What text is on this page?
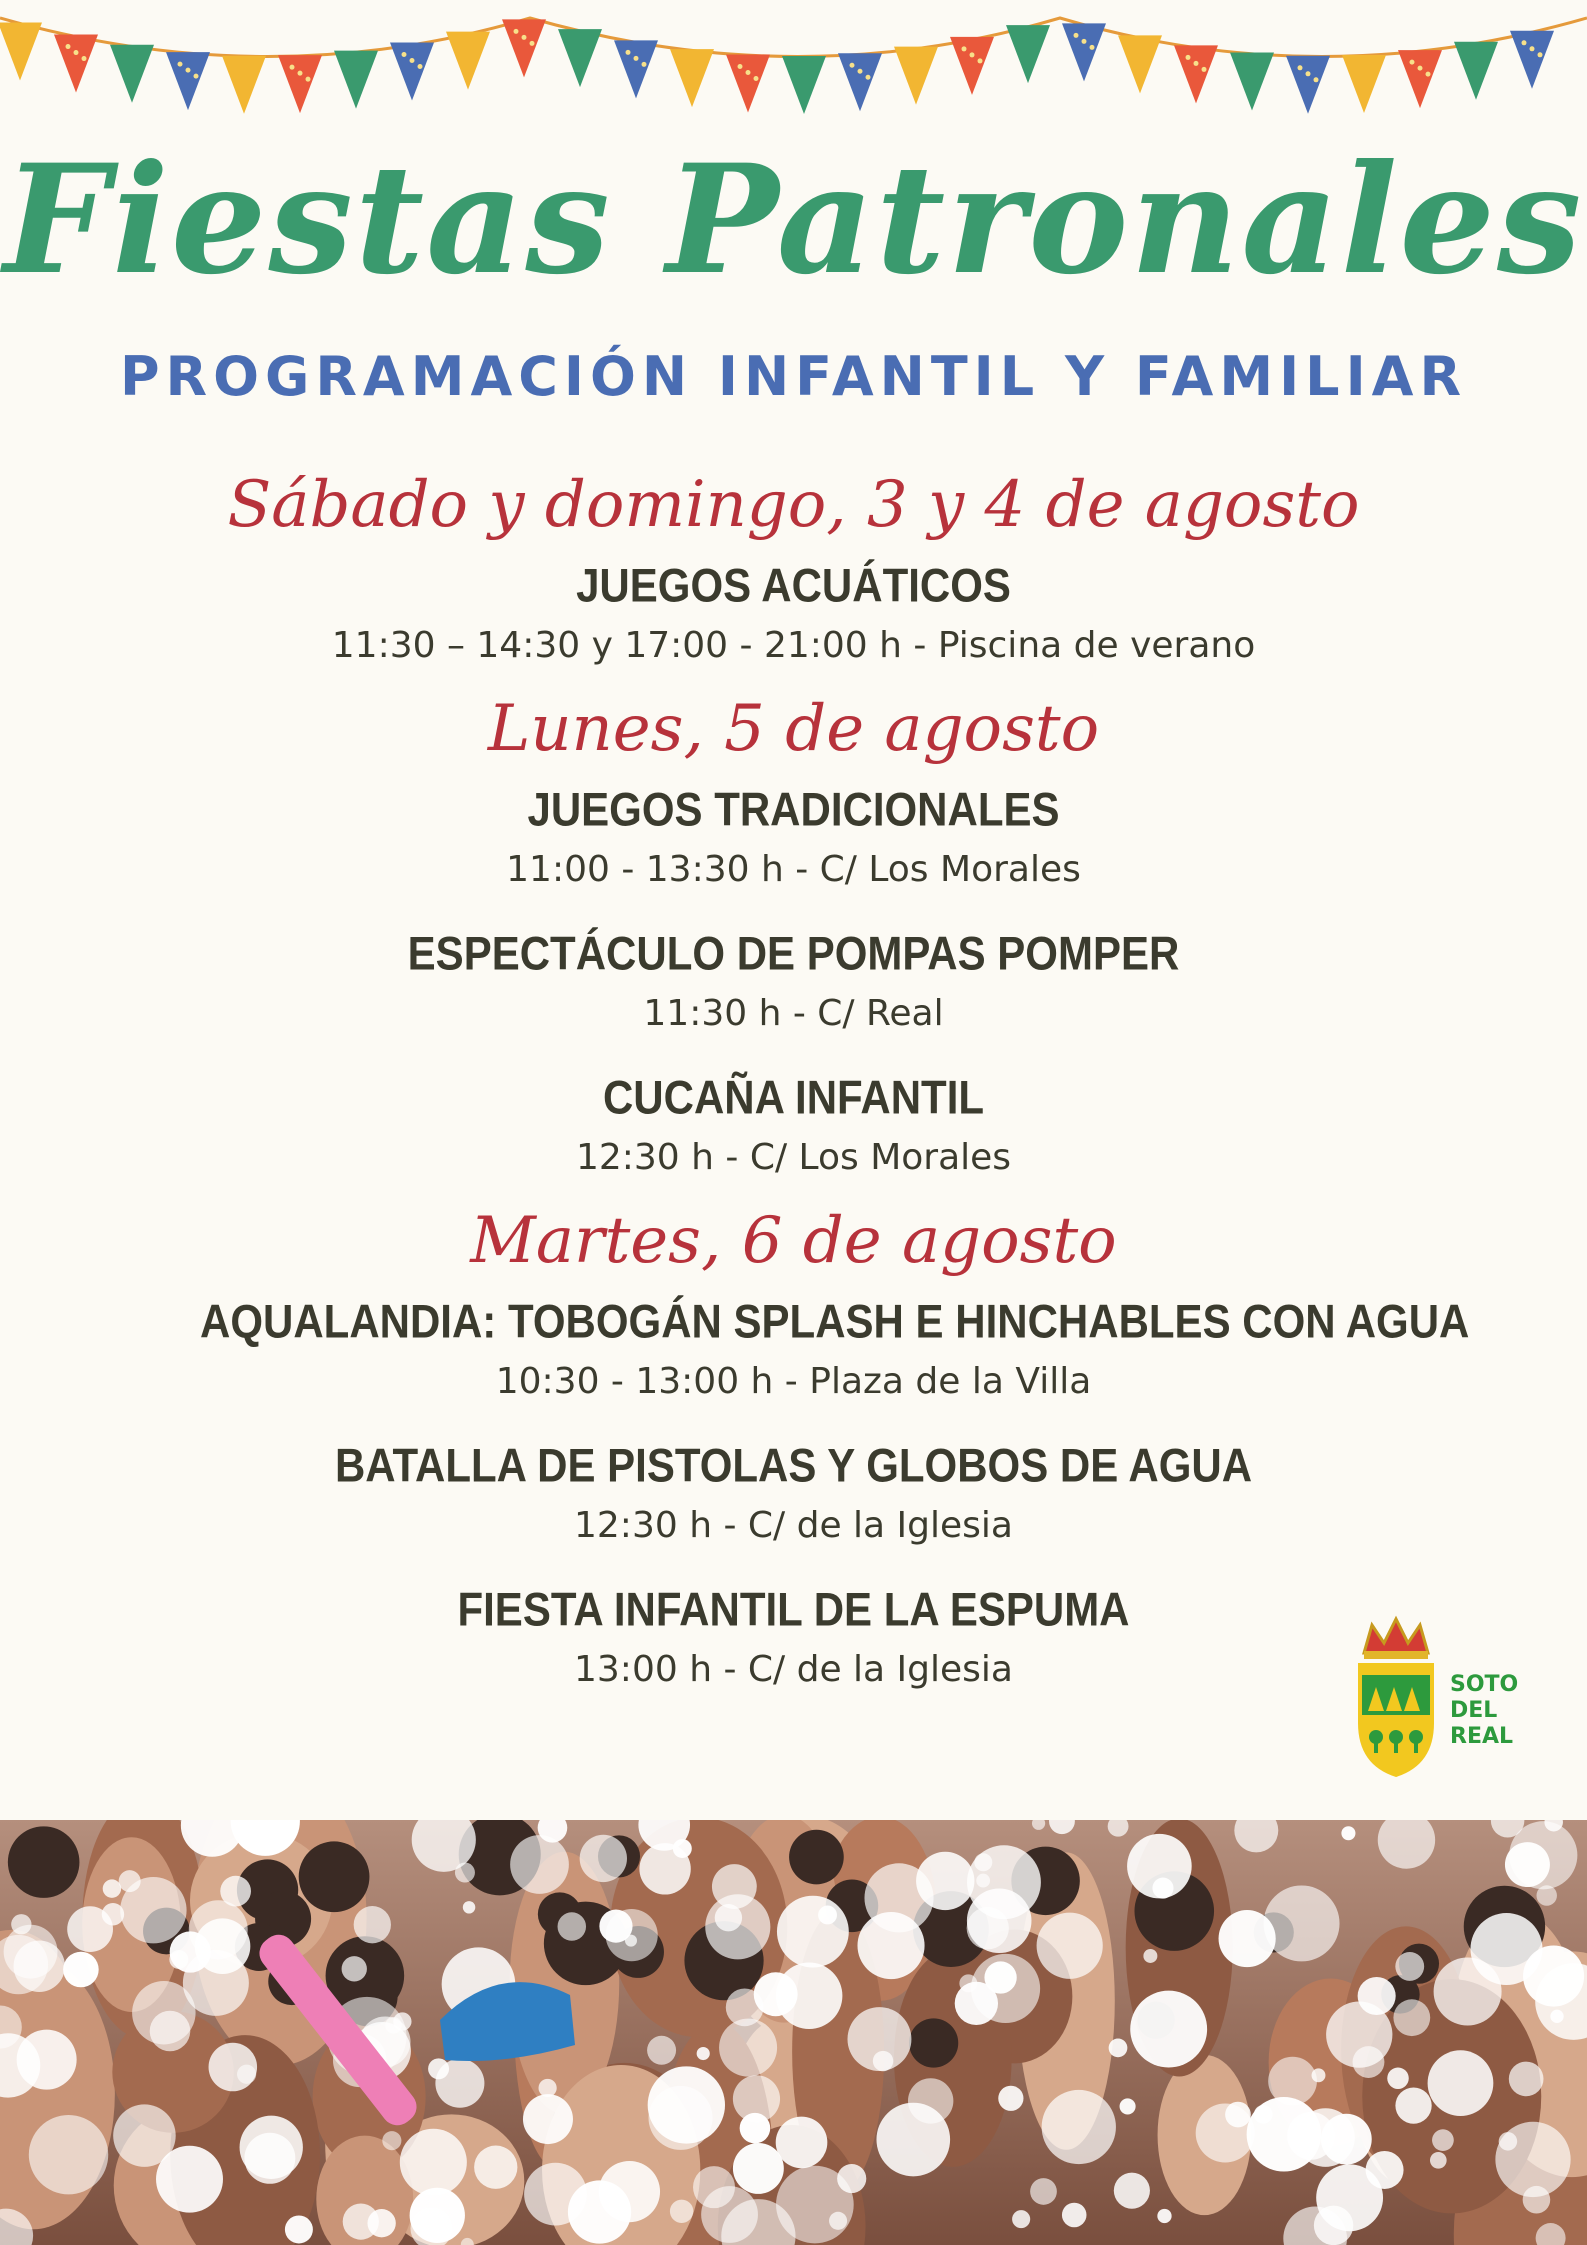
Fiestas Patronales
PROGRAMACIÓN INFANTIL Y FAMILIAR
Sábado y domingo, 3 y 4 de agosto
JUEGOS ACUÁTICOS
11:30 – 14:30 y 17:00 - 21:00 h - Piscina de verano
Lunes, 5 de agosto
JUEGOS TRADICIONALES
11:00 - 13:30 h - C/ Los Morales
ESPECTÁCULO DE POMPAS POMPER
11:30 h - C/ Real
CUCAÑA INFANTIL
12:30 h - C/ Los Morales
Martes, 6 de agosto
AQUALANDIA: TOBOGÁN SPLASH E HINCHABLES CON AGUA
10:30 - 13:00 h - Plaza de la Villa
BATALLA DE PISTOLAS Y GLOBOS DE AGUA
12:30 h - C/ de la Iglesia
FIESTA INFANTIL DE LA ESPUMA
13:00 h - C/ de la Iglesia	SOTO
DEL
REAL
